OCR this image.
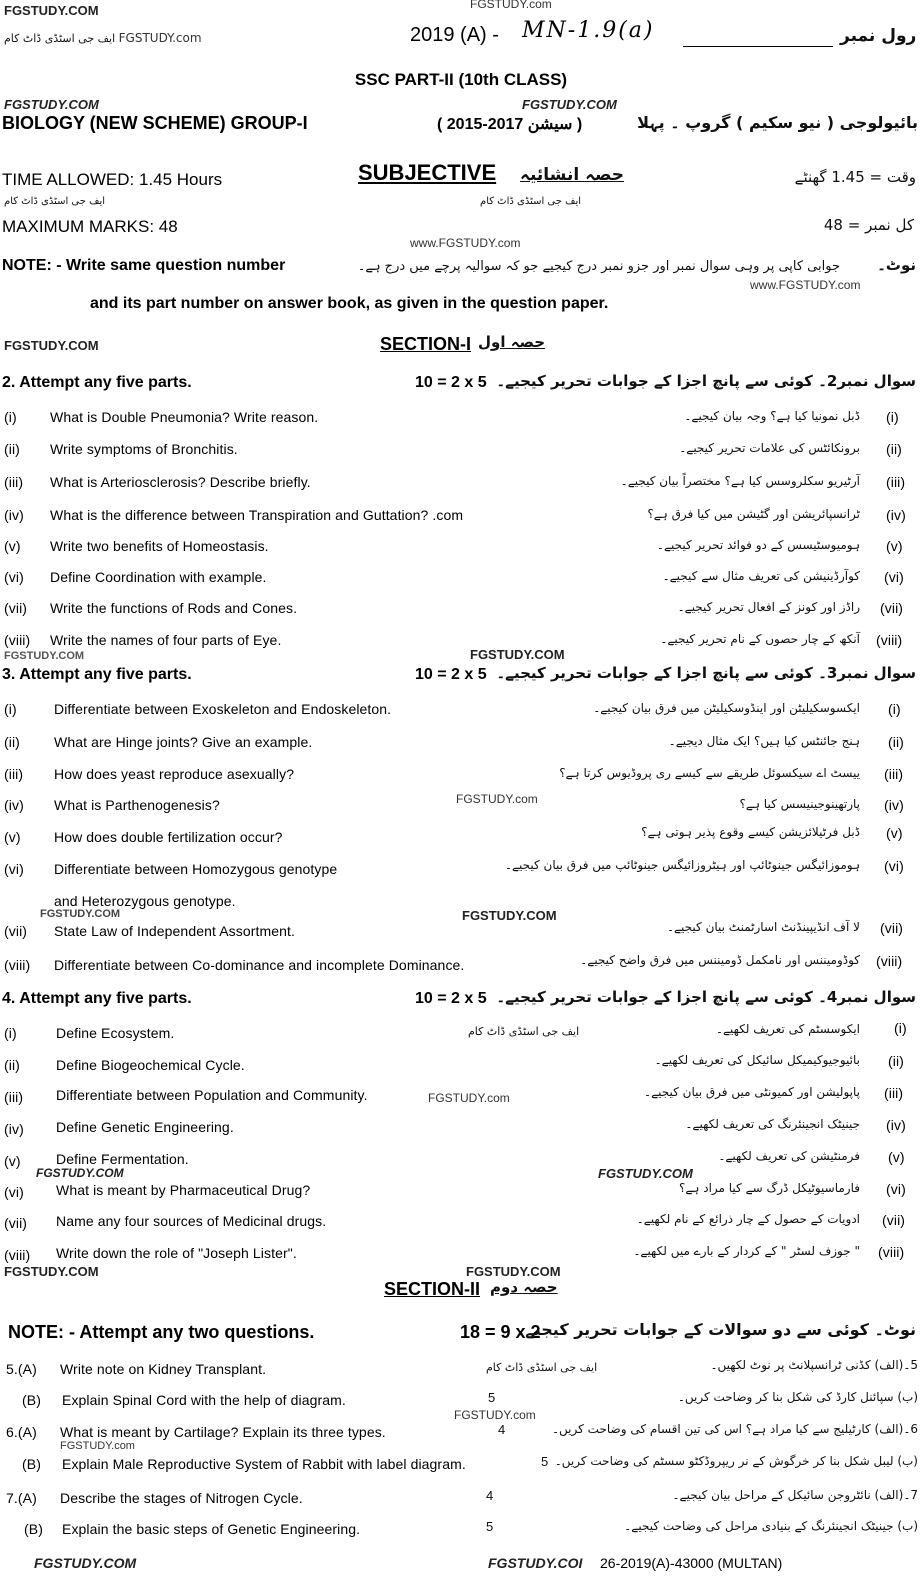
FGSTUDY.COM
ایف جی اسٹڈی ڈاٹ کام FGSTUDY.com
FGSTUDY.com
2019 (A) - MN-1.9(a)	رول نمبر
SSC PART-II (10th CLASS)
FGSTUDY.COM	FGSTUDY.COM
BIOLOGY (NEW SCHEME) GROUP-I	( 2015-2017 سیشن )	بائیولوجی ( نیو سکیم ) گروپ ۔ پہلا
TIME ALLOWED: 1.45 Hours	SUBJECTIVE حصہ انشائیہ	وقت = 1.45 گھنٹے
ایف جی اسٹڈی ڈاٹ کام	ایف جی اسٹڈی ڈاٹ کام
MAXIMUM MARKS: 48	کل نمبر = 48
www.FGSTUDY.com
NOTE: - Write same question number	جوابی کاپی پر وہی سوال نمبر اور جزو نمبر درج کیجیے جو کہ سوالیہ پرچے میں درج ہے۔ نوٹ۔
www.FGSTUDY.com
and its part number on answer book, as given in the question paper.
FGSTUDY.COM	SECTION-I حصہ اول
2. Attempt any five parts.	10 = 2 x 5 سوال نمبر2۔ کوئی سے پانچ اجزا کے جوابات تحریر کیجیے۔
(i) What is Double Pneumonia? Write reason.	ڈبل نمونیا کیا ہے؟ وجہ بیان کیجیے۔ (i)
(ii) Write symptoms of Bronchitis.	برونکائٹس کی علامات تحریر کیجیے۔ (ii)
(iii) What is Arteriosclerosis? Describe briefly.	آرٹیریو سکلروسس کیا ہے؟ مختصراً بیان کیجیے۔ (iii)
(iv) What is the difference between Transpiration and Guttation? .com	ٹرانسپائریشن اور گٹیشن میں کیا فرق ہے؟ (iv)
(v) Write two benefits of Homeostasis.	ہومیوسٹیسس کے دو فوائد تحریر کیجیے۔ (v)
(vi) Define Coordination with example.	کوآرڈینیشن کی تعریف مثال سے کیجیے۔ (vi)
(vii) Write the functions of Rods and Cones.	راڈز اور کونز کے افعال تحریر کیجیے۔ (vii)
(viii) Write the names of four parts of Eye.	آنکھ کے چار حصوں کے نام تحریر کیجیے۔ (viii)
FGSTUDY.COM
FGSTUDY.COM
3. Attempt any five parts.	10 = 2 x 5 سوال نمبر3۔ کوئی سے پانچ اجزا کے جوابات تحریر کیجیے۔
(i)	Differentiate between Exoskeleton and Endoskeleton.	ایکسوسکیلیٹن اور اینڈوسکیلیٹن میں فرق بیان کیجیے۔ (i)
(ii) What are Hinge joints? Give an example.	ہنج جائنٹس کیا ہیں؟ ایک مثال دیجیے۔ (ii)
(iii) How does yeast reproduce asexually?	ییسٹ اے سیکسوئل طریقے سے کیسے ری پروڈیوس کرتا ہے؟ (iii)
(iv) What is Parthenogenesis?	FGSTUDY.com	پارتھینوجینیسس کیا ہے؟ (iv)
(v) How does double fertilization occur?	ڈبل فرٹیلائزیشن کیسے وقوع پذیر ہوتی ہے؟ (v)
(vi) Differentiate between Homozygous genotype
and Heterozygous genotype.
ہوموزائیگس جینوٹائپ اور ہیٹروزائیگس جینوٹائپ میں فرق بیان کیجیے۔ (vi)
FGSTUDY.COM	FGSTUDY.COM
(vii) State Law of Independent Assortment.	لا آف انڈیپینڈنٹ اسارٹمنٹ بیان کیجیے۔ (vii)
(viii) Differentiate between Co-dominance and incomplete Dominance.	کوڈومیننس اور نامکمل ڈومیننس میں فرق واضح کیجیے۔ (viii)
4. Attempt any five parts.	10 = 2 x 5 سوال نمبر4۔ کوئی سے پانچ اجزا کے جوابات تحریر کیجیے۔
(i)	Define Ecosystem.	ایف جی اسٹڈی ڈاٹ کام	ایکوسسٹم کی تعریف لکھیے۔ (i)
(ii)	Define Biogeochemical Cycle.	بائیوجیوکیمیکل سائیکل کی تعریف لکھیے۔ (ii)
(iii) Differentiate between Population and Community.	FGSTUDY.com	پاپولیشن اور کمیونٹی میں فرق بیان کیجیے۔ (iii)
(iv) Define Genetic Engineering.	جینیٹک انجینئرنگ کی تعریف لکھیے۔ (iv)
(v)	Define Fermentation.	فرمنٹیشن کی تعریف لکھیے۔ (v)
FGSTUDY.COM	FGSTUDY.COM
(vi) What is meant by Pharmaceutical Drug?	فارماسیوٹیکل ڈرگ سے کیا مراد ہے؟ (vi)
(vii) Name any four sources of Medicinal drugs.	ادویات کے حصول کے چار ذرائع کے نام لکھیے۔ (vii)
(viii) Write down the role of "Joseph Lister".	" جوزف لسٹر " کے کردار کے بارے میں لکھیے۔ (viii)
FGSTUDY.COM	FGSTUDY.COM
SECTION-II حصہ دوم
NOTE: - Attempt any two questions.	18 = 9 x 2
نوٹ۔ کوئی سے دو سوالات کے جوابات تحریر کیجیے۔
5.(A) Write note on Kidney Transplant.	ایف جی اسٹڈی ڈاٹ کام	5۔(الف) کڈنی ٹرانسپلانٹ پر نوٹ لکھیں۔
(B) Explain Spinal Cord with the help of diagram.	5	(ب) سپائنل کارڈ کی شکل بنا کر وضاحت کریں۔
FGSTUDY.com
6.(A) What is meant by Cartilage? Explain its three types.	4	6۔(الف) کارٹیلیج سے کیا مراد ہے؟ اس کی تین اقسام کی وضاحت کریں۔
FGSTUDY.com
(B) Explain Male Reproductive System of Rabbit with label diagram.	5 (ب) لیبل شکل بنا کر خرگوش کے نر ریپروڈکٹو سسٹم کی وضاحت کریں۔
7.(A) Describe the stages of Nitrogen Cycle.	4	7۔(الف) نائٹروجن سائیکل کے مراحل بیان کیجیے۔
(B) Explain the basic steps of Genetic Engineering.	5	(ب) جینیٹک انجینئرنگ کے بنیادی مراحل کی وضاحت کیجیے۔
FGSTUDY.COM	FGSTUDY.COI 26-2019(A)-43000 (MULTAN)
